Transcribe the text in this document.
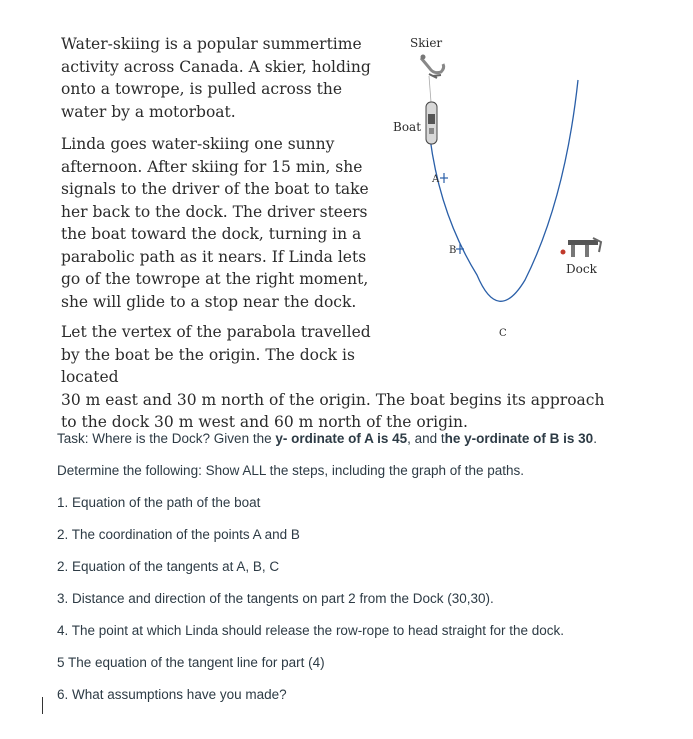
Water-skiing is a popular summertime activity across Canada. A skier, holding onto a towrope, is pulled across the water by a motorboat.
Linda goes water-skiing one sunny afternoon. After skiing for 15 min, she signals to the driver of the boat to take her back to the dock. The driver steers the boat toward the dock, turning in a parabolic path as it nears. If Linda lets go of the towrope at the right moment, she will glide to a stop near the dock.
Let the vertex of the parabola travelled by the boat be the origin. The dock is located
30 m east and 30 m north of the origin. The boat begins its approach to the dock 30 m west and 60 m north of the origin.
Skier
Boat
A
B
C
Dock

Task: Where is the Dock? Given the y- ordinate of A is 45, and the y-ordinate of B is 30.

Determine the following: Show ALL the steps, including the graph of the paths.

1. Equation of the path of the boat

2. The coordination of the points A and B

2. Equation of the tangents at A, B, C

3. Distance and direction of the tangents on part 2 from the Dock (30,30).

4. The point at which Linda should release the row-rope to head straight for the dock.

5 The equation of the tangent line for part (4)

6. What assumptions have you made?
